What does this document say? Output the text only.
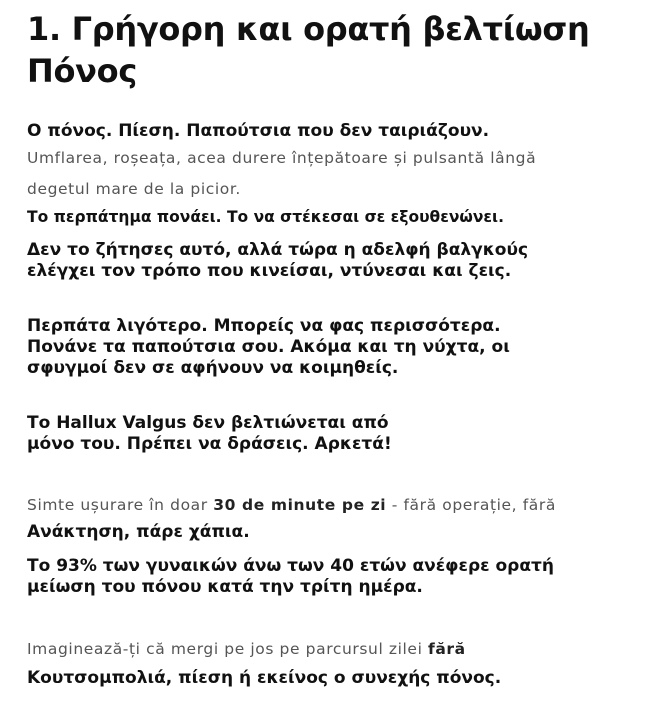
1. Γρήγορη και ορατή βελτίωση
Πόνος

Ο πόνος. Πίεση. Παπούτσια που δεν ταιριάζουν.

Umflarea, roșeața, acea durere înțepătoare și pulsantă lângă degetul mare de la picior.

Το περπάτημα πονάει. Το να στέκεσαι σε εξουθενώνει.

Δεν το ζήτησες αυτό, αλλά τώρα η αδελφή βαλγκούς ελέγχει τον τρόπο που κινείσαι, ντύνεσαι και ζεις.

Περπάτα λιγότερο. Μπορείς να φας περισσότερα. Πονάνε τα παπούτσια σου. Ακόμα και τη νύχτα, οι σφυγμοί δεν σε αφήνουν να κοιμηθείς.

Το Hallux Valgus δεν βελτιώνεται από μόνο του. Πρέπει να δράσεις. Αρκετά!

Simte ușurare în doar 30 de minute pe zi - fără operație, fără

Ανάκτηση, πάρε χάπια.

Το 93% των γυναικών άνω των 40 ετών ανέφερε ορατή μείωση του πόνου κατά την τρίτη ημέρα.

Imaginează-ți că mergi pe jos pe parcursul zilei fără

Κουτσομπολιά, πίεση ή εκείνος ο συνεχής πόνος.
